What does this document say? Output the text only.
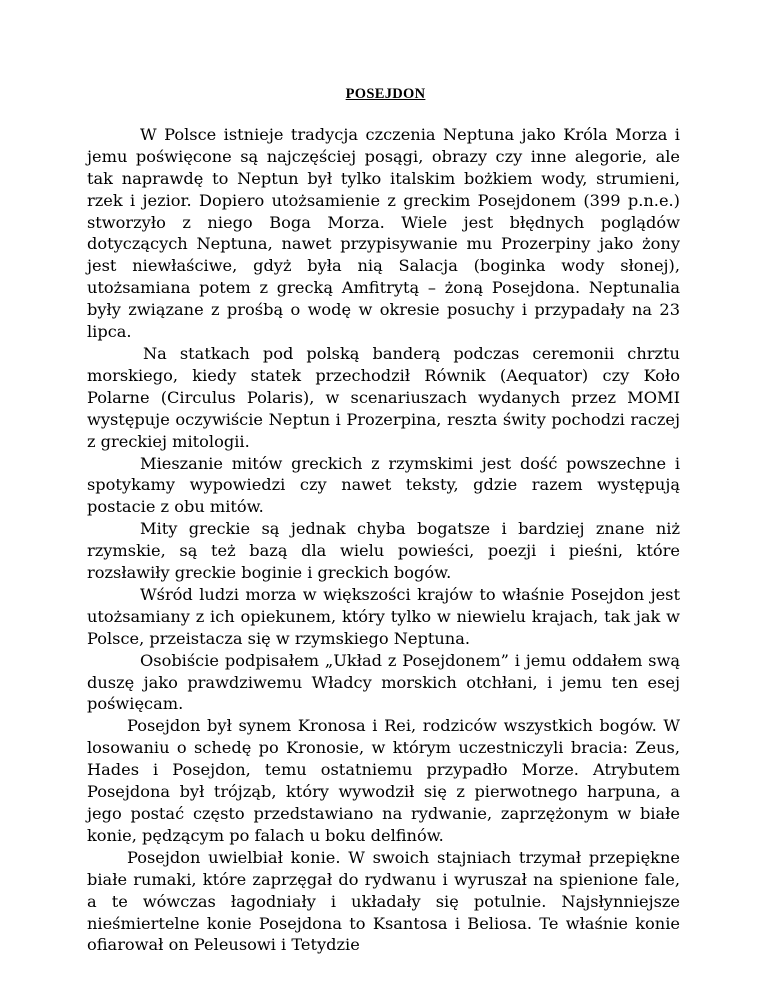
POSEJDON

W Polsce istnieje tradycja czczenia Neptuna jako Króla Morza i jemu poświęcone są najczęściej posągi, obrazy czy inne alegorie, ale tak naprawdę to Neptun był tylko italskim bożkiem wody, strumieni, rzek i jezior. Dopiero utożsamienie z greckim Posejdonem (399 p.n.e.) stworzyło z niego Boga Morza. Wiele jest błędnych poglądów dotyczących Neptuna, nawet przypisywanie mu Prozerpiny jako żony jest niewłaściwe, gdyż była nią Salacja (boginka wody słonej), utożsamiana potem z grecką Amfitrytą – żoną Posejdona. Neptunalia były związane z prośbą o wodę w okresie posuchy i przypadały na 23 lipca.

Na statkach pod polską banderą podczas ceremonii chrztu morskiego, kiedy statek przechodził Równik (Aequator) czy Koło Polarne (Circulus Polaris), w scenariuszach wydanych przez MOMI występuje oczywiście Neptun i Prozerpina, reszta świty pochodzi raczej z greckiej mitologii.

Mieszanie mitów greckich z rzymskimi jest dość powszechne i spotykamy wypowiedzi czy nawet teksty, gdzie razem występują postacie z obu mitów.

Mity greckie są jednak chyba bogatsze i bardziej znane niż rzymskie, są też bazą dla wielu powieści, poezji i pieśni, które rozsławiły greckie boginie i greckich bogów.

Wśród ludzi morza w większości krajów to właśnie Posejdon jest utożsamiany z ich opiekunem, który tylko w niewielu krajach, tak jak w Polsce, przeistacza się w rzymskiego Neptuna.

Osobiście podpisałem „Układ z Posejdonem” i jemu oddałem swą duszę jako prawdziwemu Władcy morskich otchłani, i jemu ten esej poświęcam.

Posejdon był synem Kronosa i Rei, rodziców wszystkich bogów. W losowaniu o schedę po Kronosie, w którym uczestniczyli bracia: Zeus, Hades i Posejdon, temu ostatniemu przypadło Morze. Atrybutem Posejdona był trójząb, który wywodził się z pierwotnego harpuna, a jego postać często przedstawiano na rydwanie, zaprzężonym w białe konie, pędzącym po falach u boku delfinów.

Posejdon uwielbiał konie. W swoich stajniach trzymał przepiękne białe rumaki, które zaprzęgał do rydwanu i wyruszał na spienione fale, a te wówczas łagodniały i układały się potulnie. Najsłynniejsze nieśmiertelne konie Posejdona to Ksantosa i Beliosa. Te właśnie konie ofiarował on Peleusowi i Tetydzie
